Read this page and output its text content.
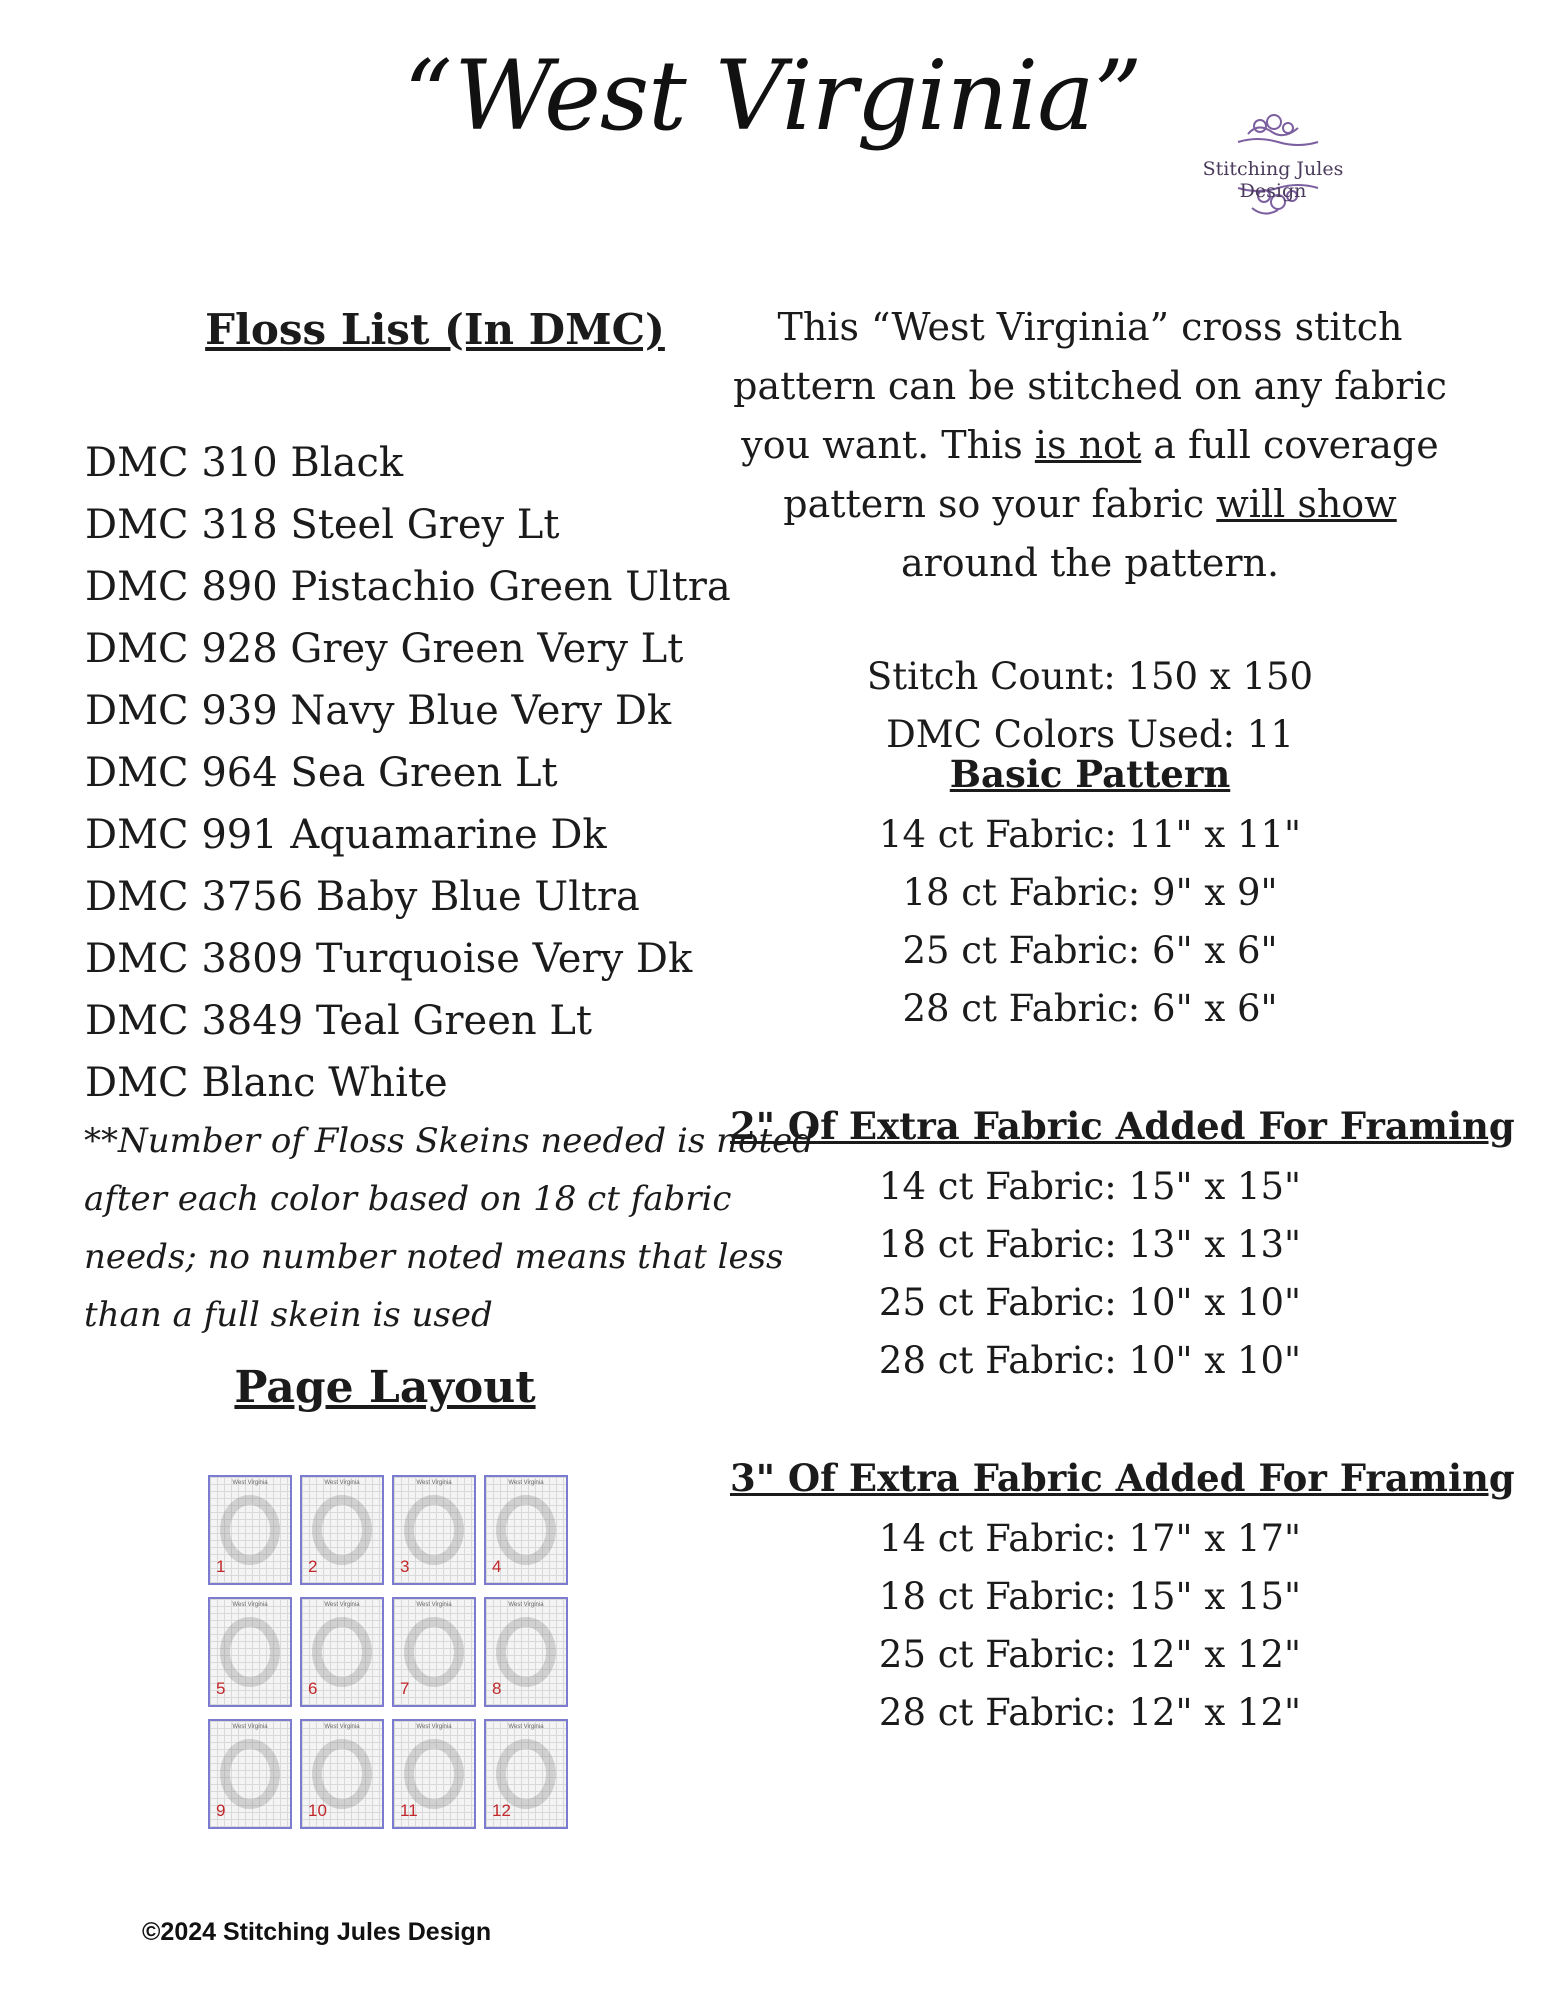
“West Virginia”
Stitching Jules Design
Floss List (In DMC)
DMC 310 Black
DMC 318 Steel Grey Lt
DMC 890 Pistachio Green Ultra
DMC 928 Grey Green Very Lt
DMC 939 Navy Blue Very Dk
DMC 964 Sea Green Lt
DMC 991 Aquamarine Dk
DMC 3756 Baby Blue Ultra
DMC 3809 Turquoise Very Dk
DMC 3849 Teal Green Lt
DMC Blanc White
**Number of Floss Skeins needed is noted after each color based on 18 ct fabric needs; no number noted means that less than a full skein is used
Page Layout
West Virginia
1
West Virginia
2
West Virginia
3
West Virginia
4
West Virginia
5
West Virginia
6
West Virginia
7
West Virginia
8
West Virginia
9
West Virginia
10
West Virginia
11
West Virginia
12
This “West Virginia” cross stitch pattern can be stitched on any fabric you want. This is not a full coverage pattern so your fabric will show around the pattern.
Stitch Count: 150 x 150
DMC Colors Used: 11
Basic Pattern
14 ct Fabric: 11" x 11"
18 ct Fabric: 9" x 9"
25 ct Fabric: 6" x 6"
28 ct Fabric: 6" x 6"
2" Of Extra Fabric Added For Framing
14 ct Fabric: 15" x 15"
18 ct Fabric: 13" x 13"
25 ct Fabric: 10" x 10"
28 ct Fabric: 10" x 10"
3" Of Extra Fabric Added For Framing
14 ct Fabric: 17" x 17"
18 ct Fabric: 15" x 15"
25 ct Fabric: 12" x 12"
28 ct Fabric: 12" x 12"
©2024 Stitching Jules Design
